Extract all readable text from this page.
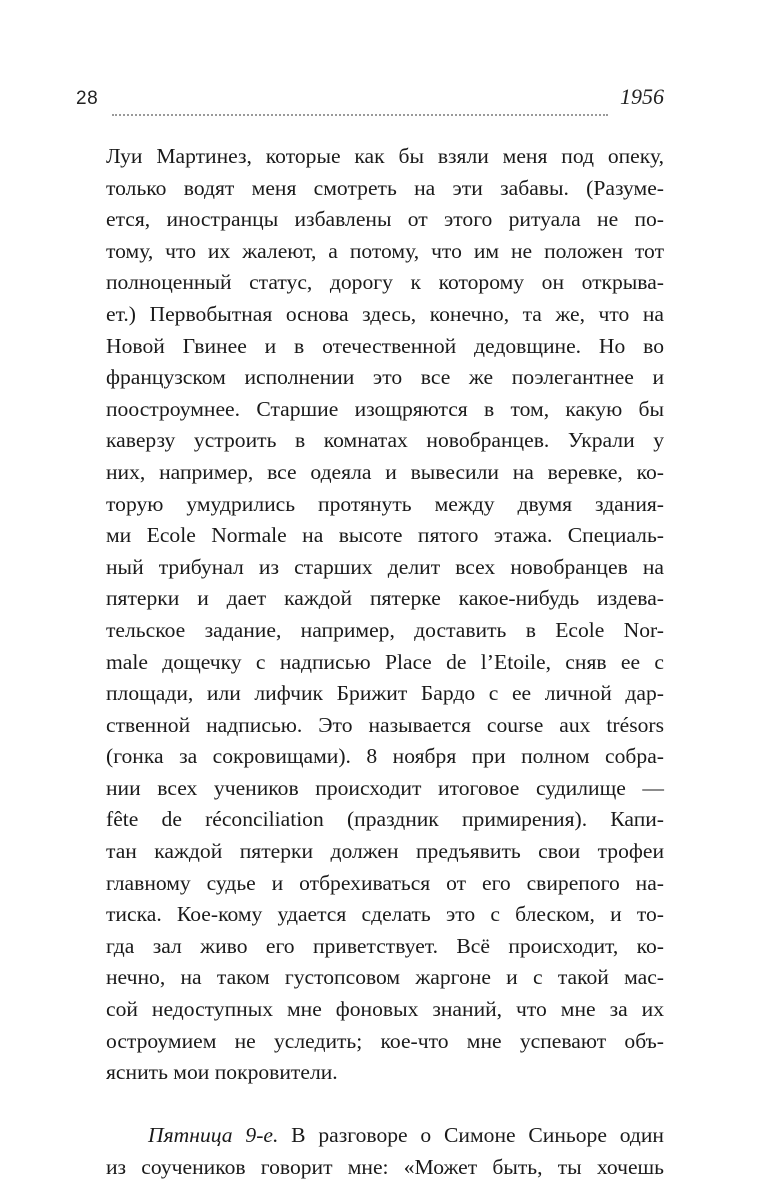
28	1956
Луи Мартинез, которые как бы взяли меня под опеку,
только водят меня смотреть на эти забавы. (Разуме-
ется, иностранцы избавлены от этого ритуала не по-
тому, что их жалеют, а потому, что им не положен тот
полноценный статус, дорогу к которому он открыва-
ет.) Первобытная основа здесь, конечно, та же, что на
Новой Гвинее и в отечественной дедовщине. Но во
французском исполнении это все же поэлегантнее и
поостроумнее. Старшие изощряются в том, какую бы
каверзу устроить в комнатах новобранцев. Украли у
них, например, все одеяла и вывесили на веревке, ко-
торую умудрились протянуть между двумя здания-
ми Ecole Normale на высоте пятого этажа. Специаль-
ный трибунал из старших делит всех новобранцев на
пятерки и дает каждой пятерке какое-нибудь издева-
тельское задание, например, доставить в Ecole Nor-
male дощечку с надписью Place de l’Etoile, сняв ее с
площади, или лифчик Брижит Бардо с ее личной дар-
ственной надписью. Это называется course aux trésors
(гонка за сокровищами). 8 ноября при полном собра-
нии всех учеников происходит итоговое судилище —
fête de réconciliation (праздник примирения). Капи-
тан каждой пятерки должен предъявить свои трофеи
главному судье и отбрехиваться от его свирепого на-
тиска. Кое-кому удается сделать это с блеском, и то-
гда зал живо его приветствует. Всё происходит, ко-
нечно, на таком густопсовом жаргоне и с такой мас-
сой недоступных мне фоновых знаний, что мне за их
остроумием не уследить; кое-что мне успевают объ-
яснить мои покровители.
Пятница 9-е. В разговоре о Симоне Синьоре один
из соучеников говорит мне: «Может быть, ты хочешь
